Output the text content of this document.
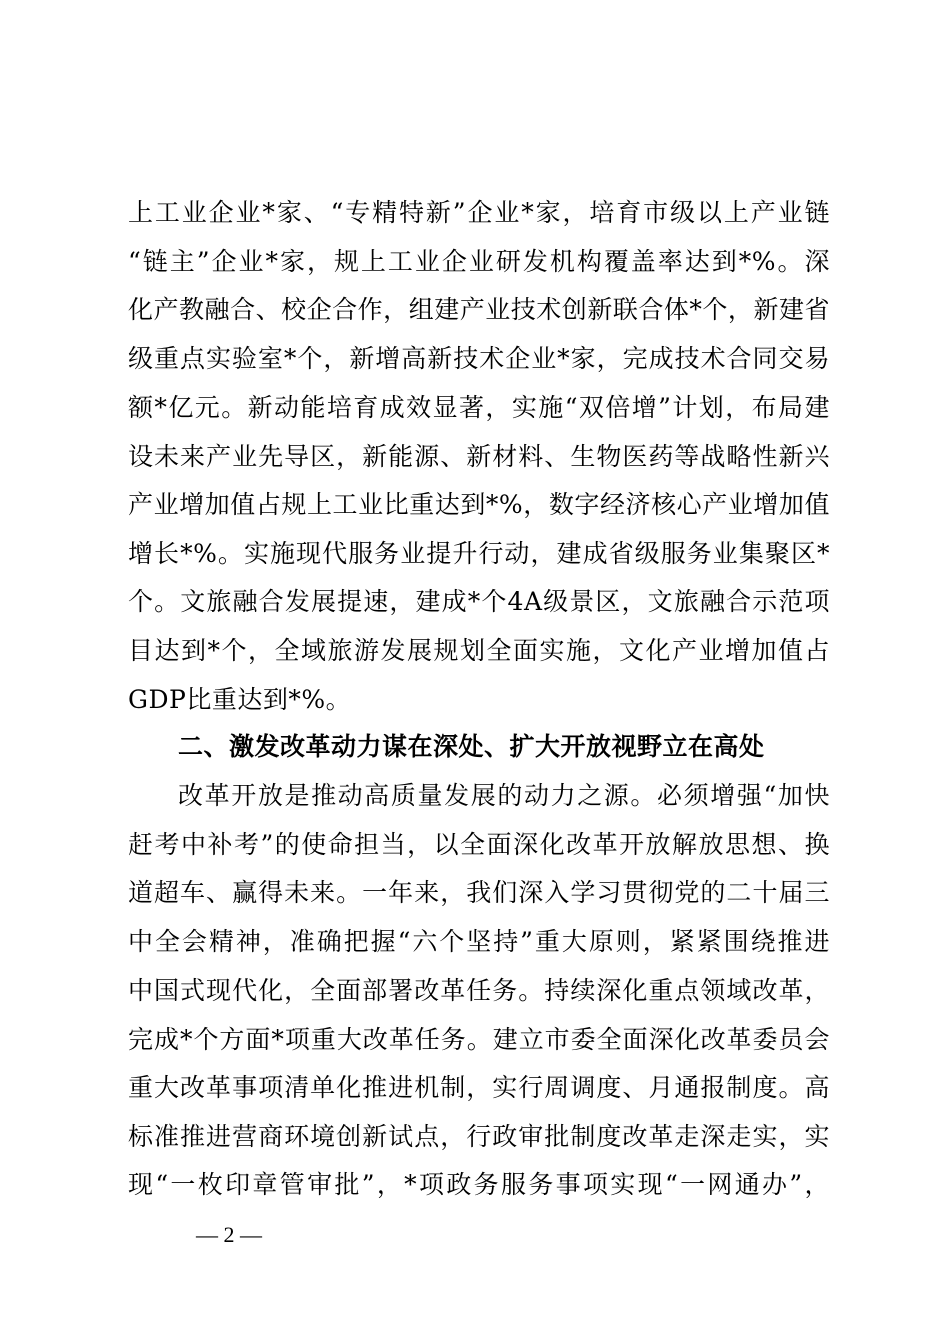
上工业企业*家、“专精特新”企业*家，培育市级以上产业链
“链主”企业*家，规上工业企业研发机构覆盖率达到*%。深
化产教融合、校企合作，组建产业技术创新联合体*个，新建省
级重点实验室*个，新增高新技术企业*家，完成技术合同交易
额*亿元。新动能培育成效显著，实施“双倍增”计划，布局建
设未来产业先导区，新能源、新材料、生物医药等战略性新兴
产业增加值占规上工业比重达到*%，数字经济核心产业增加值
增长*%。实施现代服务业提升行动，建成省级服务业集聚区*
个。文旅融合发展提速，建成*个4A级景区，文旅融合示范项
目达到*个，全域旅游发展规划全面实施，文化产业增加值占
GDP比重达到*%。
二、激发改革动力谋在深处、扩大开放视野立在高处
改革开放是推动高质量发展的动力之源。必须增强“加快
赶考中补考”的使命担当，以全面深化改革开放解放思想、换
道超车、赢得未来。一年来，我们深入学习贯彻党的二十届三
中全会精神，准确把握“六个坚持”重大原则，紧紧围绕推进
中国式现代化，全面部署改革任务。持续深化重点领域改革，
完成*个方面*项重大改革任务。建立市委全面深化改革委员会
重大改革事项清单化推进机制，实行周调度、月通报制度。高
标准推进营商环境创新试点，行政审批制度改革走深走实，实
现“一枚印章管审批”，*项政务服务事项实现“一网通办”，
— 2 —
